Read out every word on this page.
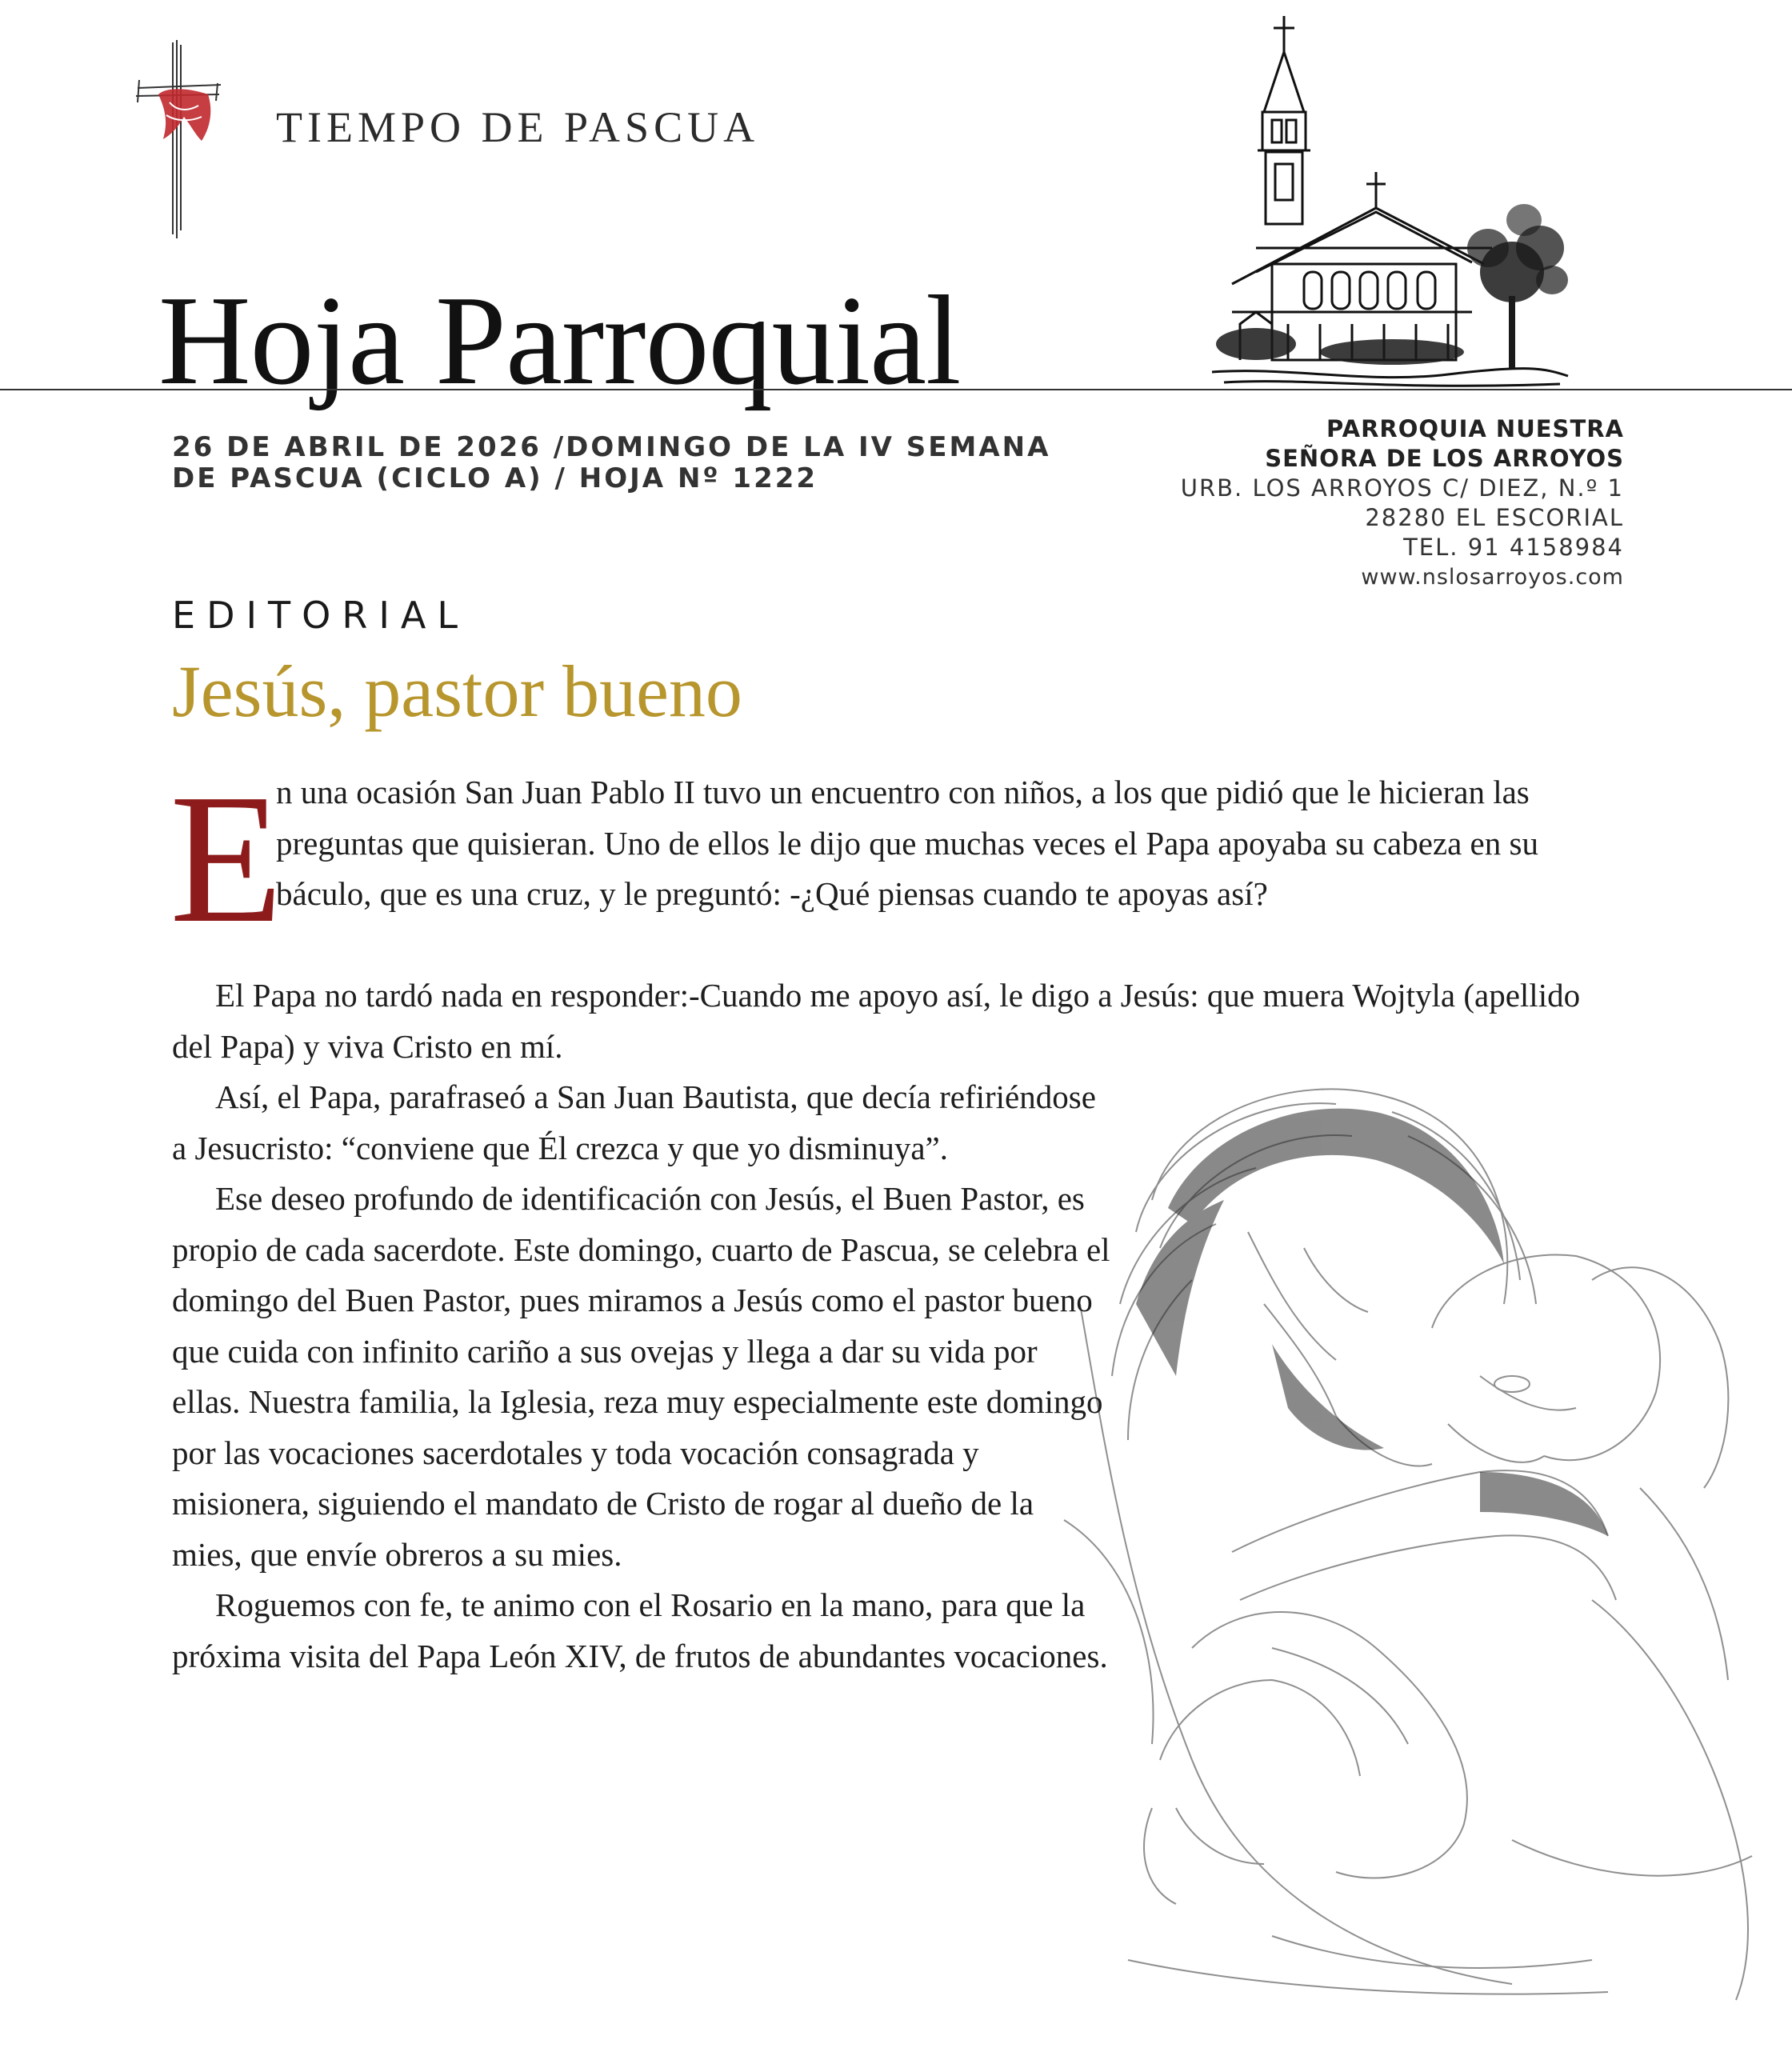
TIEMPO DE PASCUA
Hoja Parroquial
26 DE ABRIL DE 2026 /DOMINGO DE LA IV SEMANA DE PASCUA (CICLO A) / HOJA Nº 1222
PARROQUIA NUESTRA
SEÑORA DE LOS ARROYOS
URB. LOS ARROYOS C/ DIEZ, N.º 1
28280 EL ESCORIAL
TEL. 91 4158984
www.nslosarroyos.com
EDITORIAL
Jesús, pastor bueno
E
n una ocasión San Juan Pablo II tuvo un encuentro con niños, a los que pidió que le hicieran las preguntas que quisieran. Uno de ellos le dijo que muchas veces el Papa apoyaba su cabeza en su báculo, que es una cruz, y le preguntó: -¿Qué piensas cuando te apoyas así?
El Papa no tardó nada en responder:-Cuando me apoyo así, le digo a Jesús: que muera Wojtyla (apellido del Papa) y viva Cristo en mí.

Así, el Papa, parafraseó a San Juan Bautista, que decía refiriéndose a Jesucristo: “conviene que Él crezca y que yo disminuya”.

Ese deseo profundo de identificación con Jesús, el Buen Pastor, es propio de cada sacerdote. Este domingo, cuarto de Pascua, se celebra el domingo del Buen Pastor, pues miramos a Jesús como el pastor bueno que cuida con infinito cariño a sus ovejas y llega a dar su vida por ellas. Nuestra familia, la Iglesia, reza muy especialmente este domingo por las vocaciones sacerdotales y toda vocación consagrada y misionera, siguiendo el mandato de Cristo de rogar al dueño de la mies, que envíe obreros a su mies.

Roguemos con fe, te animo con el Rosario en la mano, para que la próxima visita del Papa León XIV, de frutos de abundantes vocaciones.
